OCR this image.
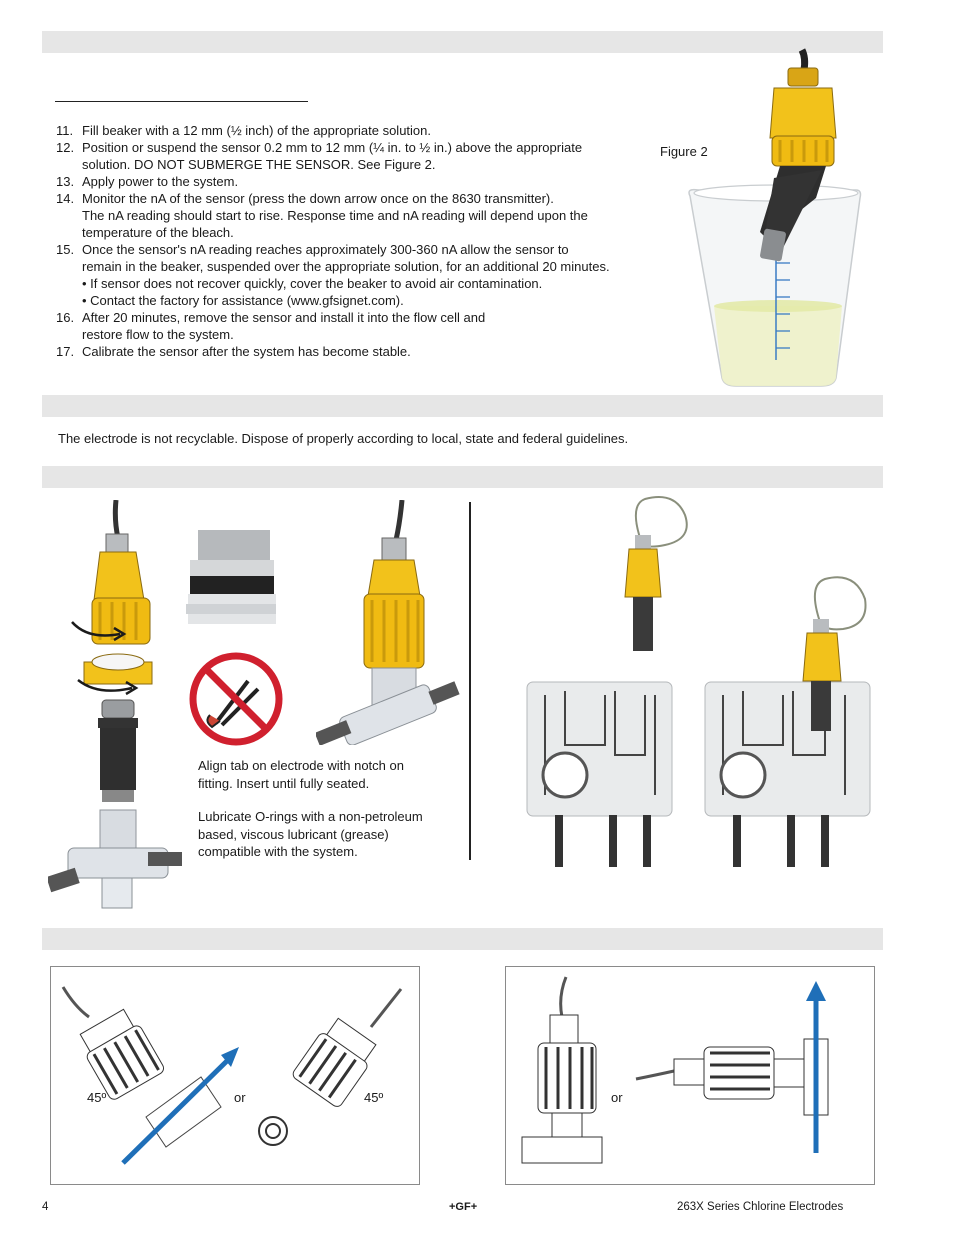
11. Fill beaker with a 12 mm (½ inch) of the appropriate solution.
12. Position or suspend the sensor 0.2 mm to 12 mm (¼ in. to ½ in.) above the appropriate
solution. DO NOT SUBMERGE THE SENSOR. See Figure 2.
13. Apply power to the system.
14. Monitor the nA of the sensor (press the down arrow once on the 8630 transmitter).
The nA reading should start to rise. Response time and nA reading will depend upon the
temperature of the bleach.
15. Once the sensor's nA reading reaches approximately 300-360 nA allow the sensor to
remain in the beaker, suspended over the appropriate solution, for an additional 20 minutes.
• If sensor does not recover quickly, cover the beaker to avoid air contamination.
• Contact the factory for assistance (www.gfsignet.com).
16. After 20 minutes, remove the sensor and install it into the flow cell and
restore flow to the system.
17. Calibrate the sensor after the system has become stable.
Figure 2
The electrode is not recyclable. Dispose of properly according to local, state and federal guidelines.
Align tab on electrode with notch on
fitting. Insert until fully seated.
Lubricate O-rings with a non-petroleum
based, viscous lubricant (grease)
compatible with the system.
45º	or	45º	or
4	+GF+	263X Series Chlorine Electrodes
